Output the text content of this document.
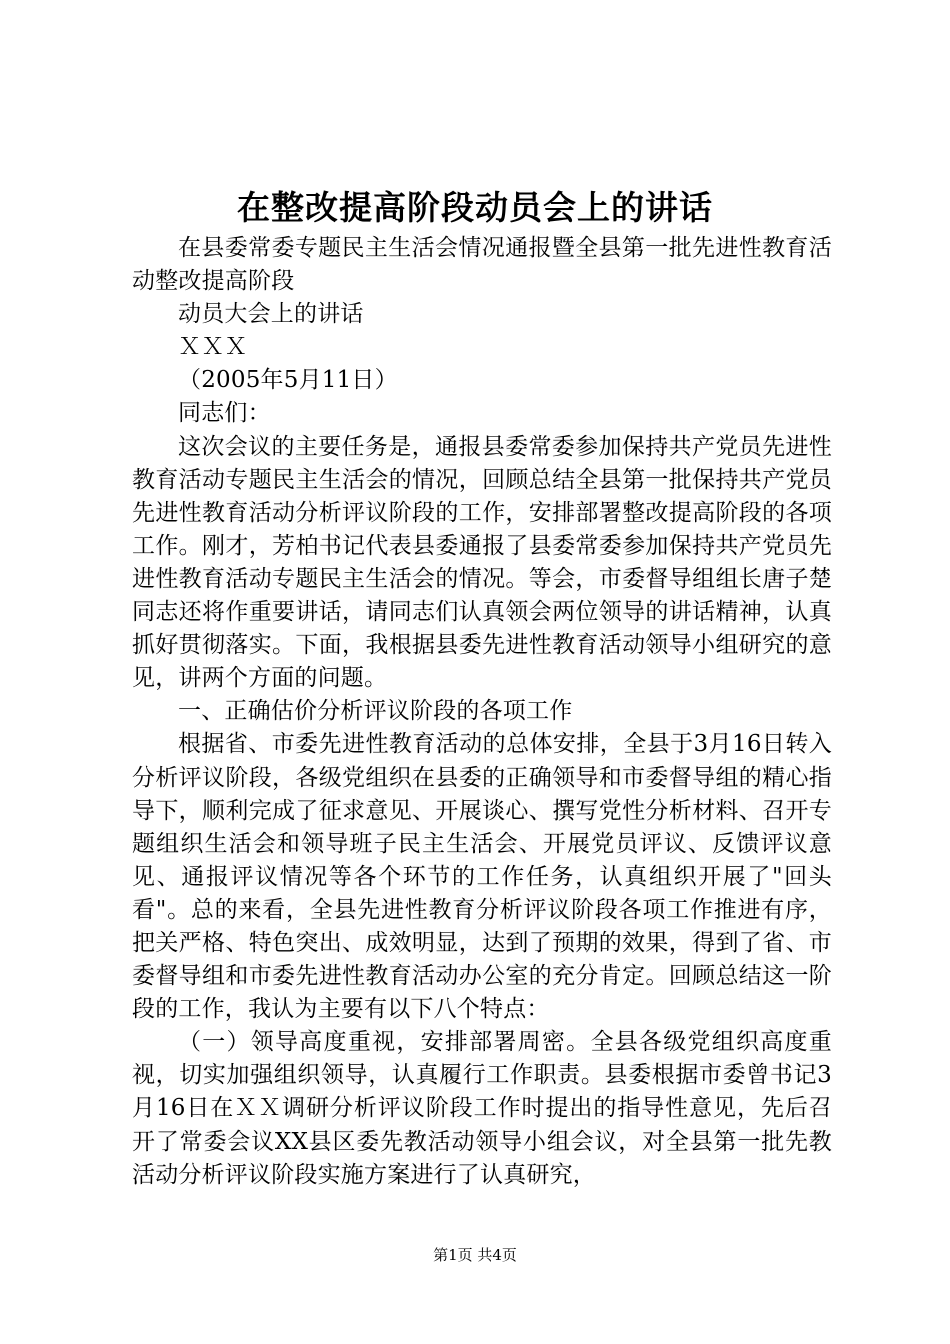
在整改提高阶段动员会上的讲话

在县委常委专题民主生活会情况通报暨全县第一批先进性教育活动整改提高阶段

动员大会上的讲话

ＸＸＸ

（2005年5月11日）

同志们：

这次会议的主要任务是，通报县委常委参加保持共产党员先进性教育活动专题民主生活会的情况，回顾总结全县第一批保持共产党员先进性教育活动分析评议阶段的工作，安排部署整改提高阶段的各项工作。刚才，芳柏书记代表县委通报了县委常委参加保持共产党员先进性教育活动专题民主生活会的情况。等会，市委督导组组长唐子楚同志还将作重要讲话，请同志们认真领会两位领导的讲话精神，认真抓好贯彻落实。下面，我根据县委先进性教育活动领导小组研究的意见，讲两个方面的问题。

一、正确估价分析评议阶段的各项工作

根据省、市委先进性教育活动的总体安排，全县于3月16日转入分析评议阶段，各级党组织在县委的正确领导和市委督导组的精心指导下，顺利完成了征求意见、开展谈心、撰写党性分析材料、召开专题组织生活会和领导班子民主生活会、开展党员评议、反馈评议意见、通报评议情况等各个环节的工作任务，认真组织开展了"回头看"。总的来看，全县先进性教育分析评议阶段各项工作推进有序，把关严格、特色突出、成效明显，达到了预期的效果，得到了省、市委督导组和市委先进性教育活动办公室的充分肯定。回顾总结这一阶段的工作，我认为主要有以下八个特点：

（一）领导高度重视，安排部署周密。全县各级党组织高度重视，切实加强组织领导，认真履行工作职责。县委根据市委曾书记3月16日在ＸＸ调研分析评议阶段工作时提出的指导性意见，先后召开了常委会议XX县区委先教活动领导小组会议，对全县第一批先教活动分析评议阶段实施方案进行了认真研究，

第1页 共4页
